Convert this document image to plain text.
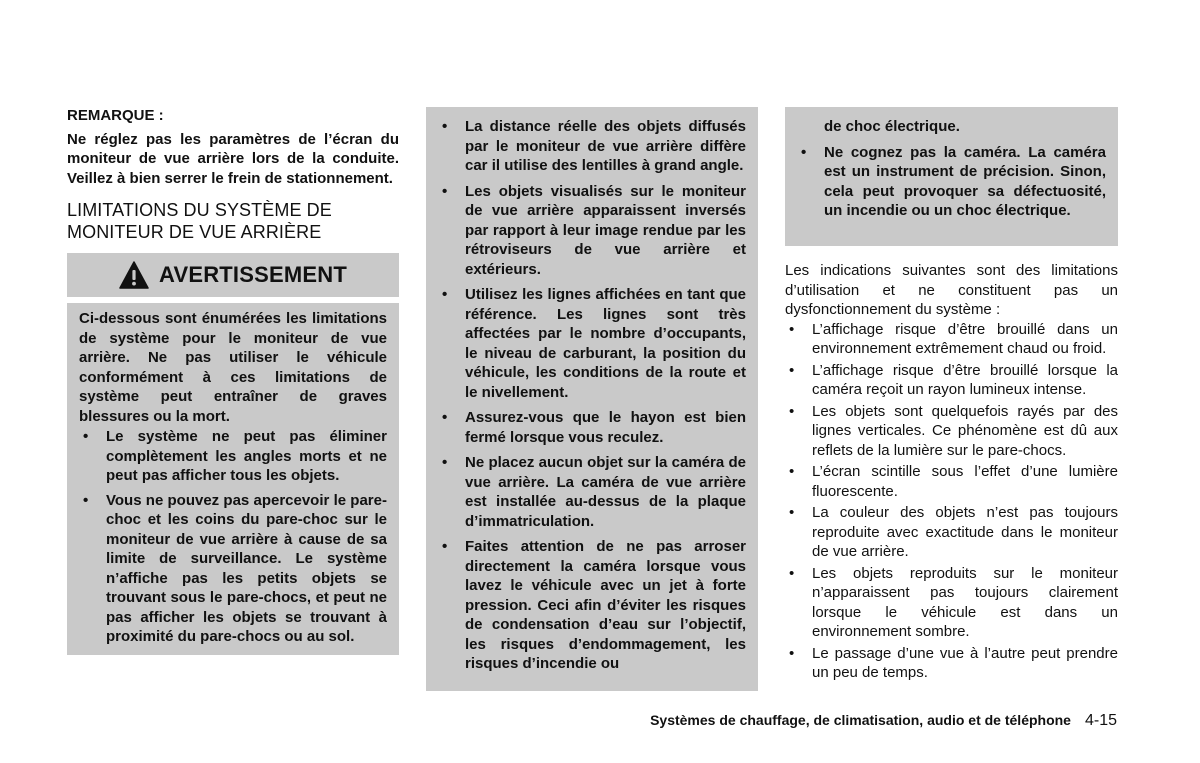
REMARQUE :

Ne réglez pas les paramètres de l’écran du moniteur de vue arrière lors de la conduite. Veillez à bien serrer le frein de stationnement.

LIMITATIONS DU SYSTÈME DE MONITEUR DE VUE ARRIÈRE

AVERTISSEMENT

Ci-dessous sont énumérées les limitations de système pour le moniteur de vue arrière. Ne pas utiliser le véhicule conformément à ces limitations de système peut entraîner de graves blessures ou la mort.

• Le système ne peut pas éliminer complètement les angles morts et ne peut pas afficher tous les objets.
• Vous ne pouvez pas apercevoir le pare-choc et les coins du pare-choc sur le moniteur de vue arrière à cause de sa limite de surveillance. Le système n’affiche pas les petits objets se trouvant sous le pare-chocs, et peut ne pas afficher les objets se trouvant à proximité du pare-chocs ou au sol.
• La distance réelle des objets diffusés par le moniteur de vue arrière diffère car il utilise des lentilles à grand angle.
• Les objets visualisés sur le moniteur de vue arrière apparaissent inversés par rapport à leur image rendue par les rétroviseurs de vue arrière et extérieurs.
• Utilisez les lignes affichées en tant que référence. Les lignes sont très affectées par le nombre d’occupants, le niveau de carburant, la position du véhicule, les conditions de la route et le nivellement.
• Assurez-vous que le hayon est bien fermé lorsque vous reculez.
• Ne placez aucun objet sur la caméra de vue arrière. La caméra de vue arrière est installée au-dessus de la plaque d’immatriculation.
• Faites attention de ne pas arroser directement la caméra lorsque vous lavez le véhicule avec un jet à forte pression. Ceci afin d’éviter les risques de condensation d’eau sur l’objectif, les risques d’endommagement, les risques d’incendie ou

de choc électrique.

• Ne cognez pas la caméra. La caméra est un instrument de précision. Sinon, cela peut provoquer sa défectuosité, un incendie ou un choc électrique.

Les indications suivantes sont des limitations d’utilisation et ne constituent pas un dysfonctionnement du système :

• L’affichage risque d’être brouillé dans un environnement extrêmement chaud ou froid.
• L’affichage risque d’être brouillé lorsque la caméra reçoit un rayon lumineux intense.
• Les objets sont quelquefois rayés par des lignes verticales. Ce phénomène est dû aux reflets de la lumière sur le pare-chocs.
• L’écran scintille sous l’effet d’une lumière fluorescente.
• La couleur des objets n’est pas toujours reproduite avec exactitude dans le moniteur de vue arrière.
• Les objets reproduits sur le moniteur n’apparaissent pas toujours clairement lorsque le véhicule est dans un environnement sombre.
• Le passage d’une vue à l’autre peut prendre un peu de temps.
Systèmes de chauffage, de climatisation, audio et de téléphone 4-15
